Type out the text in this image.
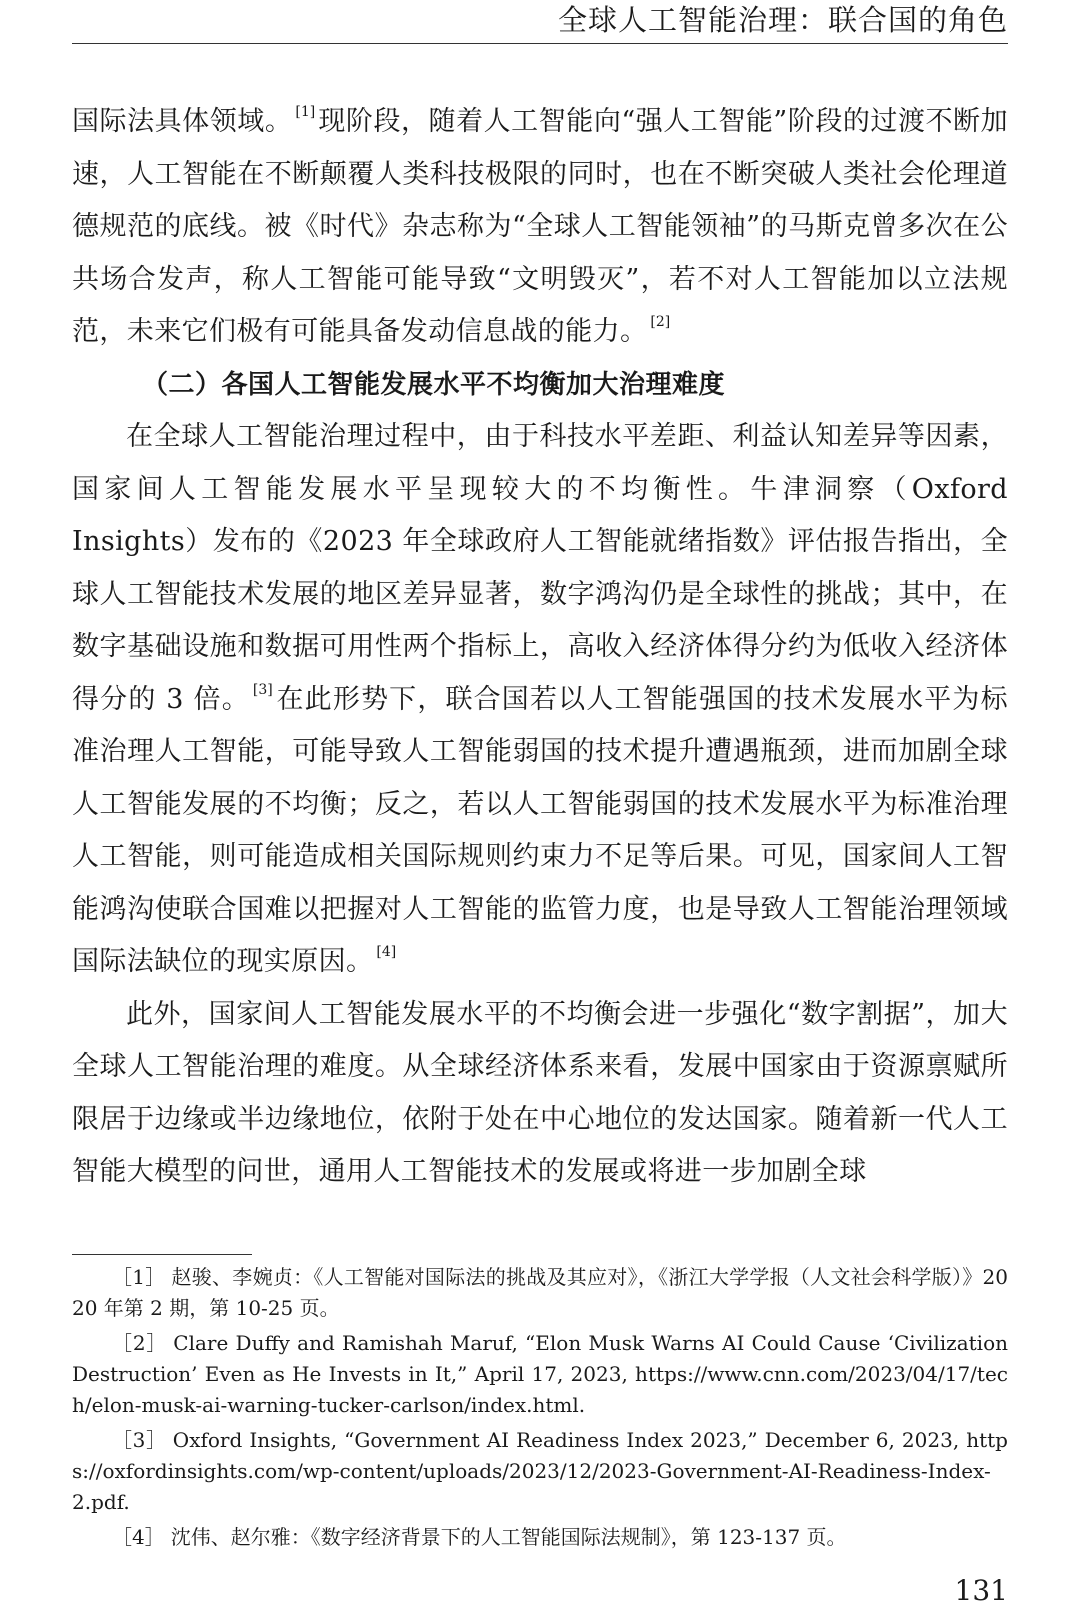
全球人工智能治理：联合国的角色

国际法具体领域。 [1] 现阶段，随着人工智能向“强人工智能”阶段的过渡不断加速，人工智能在不断颠覆人类科技极限的同时，也在不断突破人类社会伦理道德规范的底线。被《时代》杂志称为“全球人工智能领袖”的马斯克曾多次在公共场合发声，称人工智能可能导致“文明毁灭”，若不对人工智能加以立法规范，未来它们极有可能具备发动信息战的能力。 [2]

（二）各国人工智能发展水平不均衡加大治理难度

在全球人工智能治理过程中，由于科技水平差距、利益认知差异等因素，国家间人工智能发展水平呈现较大的不均衡性。牛津洞察（Oxford Insights）发布的《2023 年全球政府人工智能就绪指数》评估报告指出，全球人工智能技术发展的地区差异显著，数字鸿沟仍是全球性的挑战；其中，在数字基础设施和数据可用性两个指标上，高收入经济体得分约为低收入经济体得分的 3 倍。 [3] 在此形势下，联合国若以人工智能强国的技术发展水平为标准治理人工智能，可能导致人工智能弱国的技术提升遭遇瓶颈，进而加剧全球人工智能发展的不均衡；反之，若以人工智能弱国的技术发展水平为标准治理人工智能，则可能造成相关国际规则约束力不足等后果。可见，国家间人工智能鸿沟使联合国难以把握对人工智能的监管力度，也是导致人工智能治理领域国际法缺位的现实原因。 [4]

此外，国家间人工智能发展水平的不均衡会进一步强化“数字割据”，加大全球人工智能治理的难度。从全球经济体系来看，发展中国家由于资源禀赋所限居于边缘或半边缘地位，依附于处在中心地位的发达国家。随着新一代人工智能大模型的问世，通用人工智能技术的发展或将进一步加剧全球

［1］ 赵骏、李婉贞：《人工智能对国际法的挑战及其应对》，《浙江大学学报（人文社会科学版）》2020 年第 2 期，第 10-25 页。

［2］ Clare Duffy and Ramishah Maruf, “Elon Musk Warns AI Could Cause ‘Civilization Destruction’ Even as He Invests in It,” April 17, 2023, https://www.cnn.com/2023/04/17/tech/elon-musk-ai-warning-tucker-carlson/index.html.

［3］ Oxford Insights, “Government AI Readiness Index 2023,” December 6, 2023, https://oxfordinsights.com/wp-content/uploads/2023/12/2023-Government-AI-Readiness-Index-2.pdf.

［4］ 沈伟、赵尔雅：《数字经济背景下的人工智能国际法规制》，第 123-137 页。

131
